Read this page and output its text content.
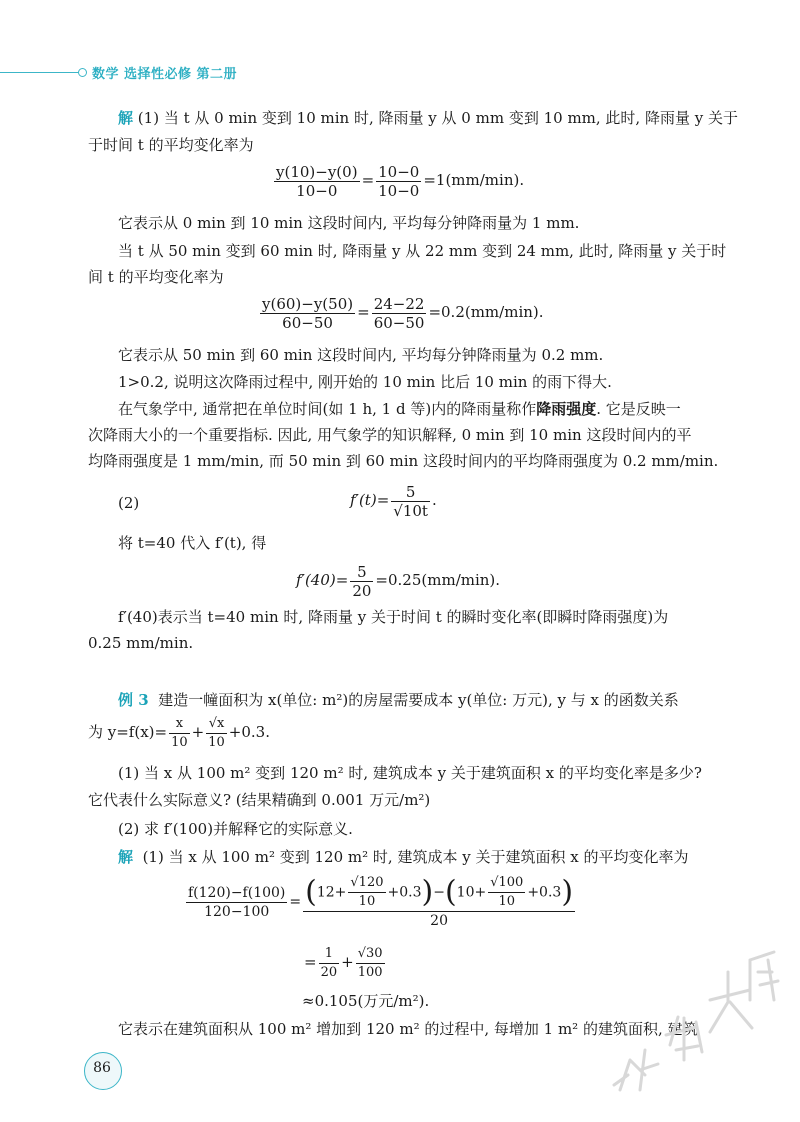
数学 选择性必修 第二册
解 (1) 当 t 从 0 min 变到 10 min 时, 降雨量 y 从 0 mm 变到 10 mm, 此时, 降雨量 y 关于
于时间 t 的平均变化率为
$\frac{y(10)-y(0)}{10-0} = \frac{10-0}{10-0} =1(mm/\min)$.
它表示从 0 min 到 10 min 这段时间内, 平均每分钟降雨量为 1 mm.
当 t 从 50 min 变到 60 min 时, 降雨量 y 从 22 mm 变到 24 mm, 此时, 降雨量 y 关于时
间 t 的平均变化率为
$\frac{y(60)-y(50)}{60-50} = \frac{24-22}{60-50} =0.2(mm/\min)$.
它表示从 50 min 到 60 min 这段时间内, 平均每分钟降雨量为 0.2 mm.
1>0.2, 说明这次降雨过程中, 刚开始的 10 min 比后 10 min 的雨下得大.
在气象学中, 通常把在单位时间(如 1 h, 1 d 等)内的降雨量称作降雨强度. 它是反映一
次降雨大小的一个重要指标. 因此, 用气象学的知识解释, 0 min 到 10 min 这段时间内的平
均降雨强度是 1 mm/min, 而 50 min 到 60 min 这段时间内的平均降雨强度为 0.2 mm/min.
(2)	$f'(t)= \frac{5}{√10t}$ .
将 t=40 代入 f′(t), 得
$f'(40)= \frac{5}{20} =0.25(mm/\min)$.
f′(40)表示当 t=40 min 时, 降雨量 y 关于时间 t 的瞬时变化率(即瞬时降雨强度)为
0.25 mm/min.
例 3 建造一幢面积为 x(单位: m²)的房屋需要成本 y(单位: 万元), y 与 x 的函数关系
为 $y=f(x)= \frac{x}{10} + \frac{√x}{10} +0.3$.
(1) 当 x 从 100 m² 变到 120 m² 时, 建筑成本 y 关于建筑面积 x 的平均变化率是多少?
它代表什么实际意义? (结果精确到 0.001 万元/m²)
(2) 求 f′(100)并解释它的实际意义.
解 (1) 当 x 从 100 m² 变到 120 m² 时, 建筑成本 y 关于建筑面积 x 的平均变化率为
$\frac{f(120)-f(100)}{120-100} = \frac{(12+ \frac{√120}{10} +0.3)-(10+ \frac{√100}{10} +0.3)}{20}$
= $\frac{1}{20} + \frac{√30}{100}$
≈0.105(万元/m²).
它表示在建筑面积从 100 m² 增加到 120 m² 的过程中, 每增加 1 m² 的建筑面积, 建筑
86
